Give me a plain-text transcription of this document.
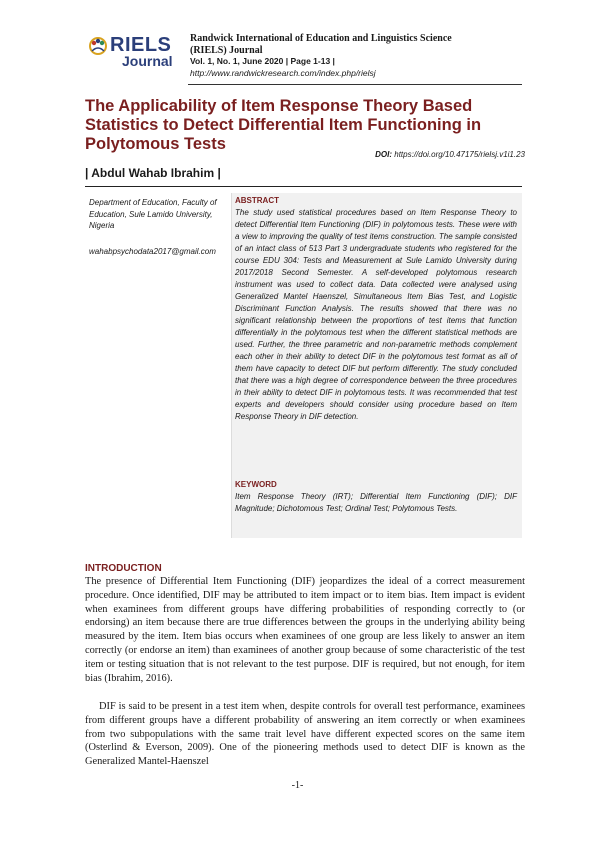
RIELS
Journal
Randwick International of Education and Linguistics Science (RIELS) Journal
Vol. 1, No. 1, June 2020 | Page 1-13 |
http://www.randwickresearch.com/index.php/rielsj
The Applicability of Item Response Theory Based Statistics to Detect Differential Item Functioning in Polytomous Tests
DOI: https://doi.org/10.47175/rielsj.v1i1.23
| Abdul Wahab Ibrahim |
Department of Education, Faculty of Education, Sule Lamido University, Nigeria
wahabpsychodata2017@gmail.com
ABSTRACT
The study used statistical procedures based on Item Response Theory to detect Differential Item Functioning (DIF) in polytomous tests. These were with a view to improving the quality of test items construction. The sample consisted of an intact class of 513 Part 3 undergraduate students who registered for the course EDU 304: Tests and Measurement at Sule Lamido University during 2017/2018 Second Semester. A self-developed polytomous research instrument was used to collect data. Data collected were analysed using Generalized Mantel Haenszel, Simultaneous Item Bias Test, and Logistic Discriminant Function Analysis. The results showed that there was no significant relationship between the proportions of test items that function differentially in the polytomous test when the different statistical methods are used. Further, the three parametric and non-parametric methods complement each other in their ability to detect DIF in the polytomous test format as all of them have capacity to detect DIF but perform differently. The study concluded that there was a high degree of correspondence between the three procedures in their ability to detect DIF in polytomous tests. It was recommended that test experts and developers should consider using procedure based on Item Response Theory in DIF detection.
KEYWORD
Item Response Theory (IRT); Differential Item Functioning (DIF); DIF Magnitude; Dichotomous Test; Ordinal Test; Polytomous Tests.
INTRODUCTION
The presence of Differential Item Functioning (DIF) jeopardizes the ideal of a correct measurement procedure. Once identified, DIF may be attributed to item impact or to item bias. Item impact is evident when examinees from different groups have differing probabilities of responding correctly to (or endorsing) an item because there are true differences between the groups in the underlying ability being measured by the item. Item bias occurs when examinees of one group are less likely to answer an item correctly (or endorse an item) than examinees of another group because of some characteristic of the test item or testing situation that is not relevant to the test purpose. DIF is required, but not enough, for item bias (Ibrahim, 2016).
DIF is said to be present in a test item when, despite controls for overall test performance, examinees from different groups have a different probability of answering an item correctly or when examinees from two subpopulations with the same trait level have different expected scores on the same item (Osterlind & Everson, 2009). One of the pioneering methods used to detect DIF is known as the Generalized Mantel-Haenszel
-1-
